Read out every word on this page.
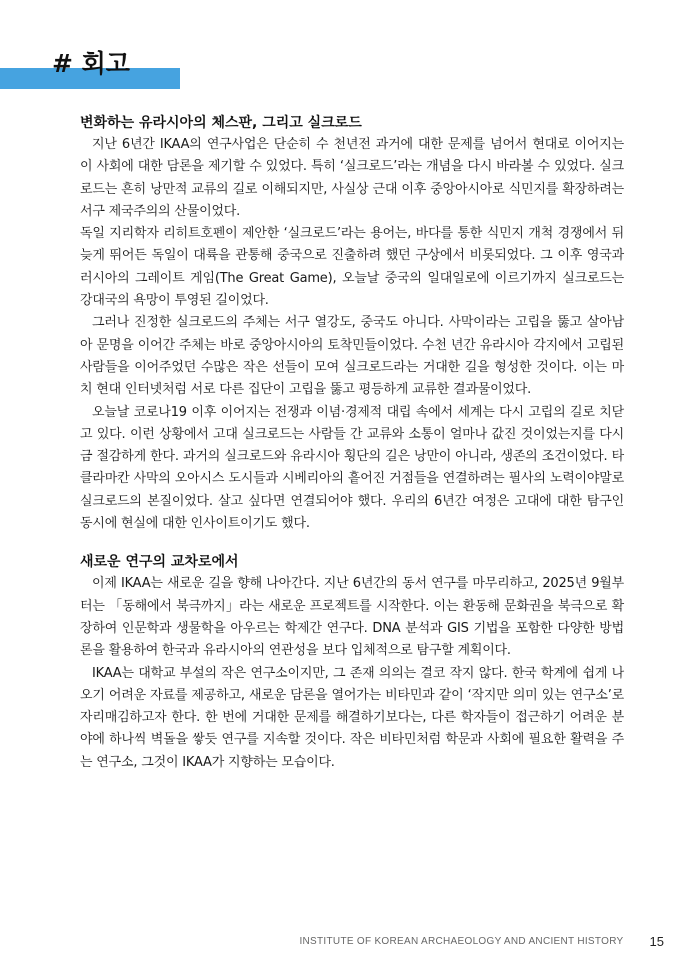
# 회고
변화하는 유라시아의 체스판, 그리고 실크로드

지난 6년간 IKAA의 연구사업은 단순히 수 천년전 과거에 대한 문제를 넘어서 현대로 이어지는 이 사회에 대한 담론을 제기할 수 있었다. 특히 ‘실크로드’라는 개념을 다시 바라볼 수 있었다. 실크로드는 흔히 낭만적 교류의 길로 이해되지만, 사실상 근대 이후 중앙아시아로 식민지를 확장하려는 서구 제국주의의 산물이었다.

독일 지리학자 리히트호펜이 제안한 ‘실크로드’라는 용어는, 바다를 통한 식민지 개척 경쟁에서 뒤늦게 뛰어든 독일이 대륙을 관통해 중국으로 진출하려 했던 구상에서 비롯되었다. 그 이후 영국과 러시아의 그레이트 게임(The Great Game), 오늘날 중국의 일대일로에 이르기까지 실크로드는 강대국의 욕망이 투영된 길이었다.

그러나 진정한 실크로드의 주체는 서구 열강도, 중국도 아니다. 사막이라는 고립을 뚫고 살아남아 문명을 이어간 주체는 바로 중앙아시아의 토착민들이었다. 수천 년간 유라시아 각지에서 고립된 사람들을 이어주었던 수많은 작은 선들이 모여 실크로드라는 거대한 길을 형성한 것이다. 이는 마치 현대 인터넷처럼 서로 다른 집단이 고립을 뚫고 평등하게 교류한 결과물이었다.

오늘날 코로나19 이후 이어지는 전쟁과 이념·경제적 대립 속에서 세계는 다시 고립의 길로 치닫고 있다. 이런 상황에서 고대 실크로드는 사람들 간 교류와 소통이 얼마나 값진 것이었는지를 다시금 절감하게 한다. 과거의 실크로드와 유라시아 횡단의 길은 낭만이 아니라, 생존의 조건이었다. 타클라마칸 사막의 오아시스 도시들과 시베리아의 흩어진 거점들을 연결하려는 필사의 노력이야말로 실크로드의 본질이었다. 살고 싶다면 연결되어야 했다. 우리의 6년간 여정은 고대에 대한 탐구인 동시에 현실에 대한 인사이트이기도 했다.

새로운 연구의 교차로에서

이제 IKAA는 새로운 길을 향해 나아간다. 지난 6년간의 동서 연구를 마무리하고, 2025년 9월부터는 「동해에서 북극까지」라는 새로운 프로젝트를 시작한다. 이는 환동해 문화권을 북극으로 확장하여 인문학과 생물학을 아우르는 학제간 연구다. DNA 분석과 GIS 기법을 포함한 다양한 방법론을 활용하여 한국과 유라시아의 연관성을 보다 입체적으로 탐구할 계획이다.

IKAA는 대학교 부설의 작은 연구소이지만, 그 존재 의의는 결코 작지 않다. 한국 학계에 쉽게 나오기 어려운 자료를 제공하고, 새로운 담론을 열어가는 비타민과 같이 ‘작지만 의미 있는 연구소’로 자리매김하고자 한다. 한 번에 거대한 문제를 해결하기보다는, 다른 학자들이 접근하기 어려운 분야에 하나씩 벽돌을 쌓듯 연구를 지속할 것이다. 작은 비타민처럼 학문과 사회에 필요한 활력을 주는 연구소, 그것이 IKAA가 지향하는 모습이다.

INSTITUTE OF KOREAN ARCHAEOLOGY AND ANCIENT HISTORY 15
